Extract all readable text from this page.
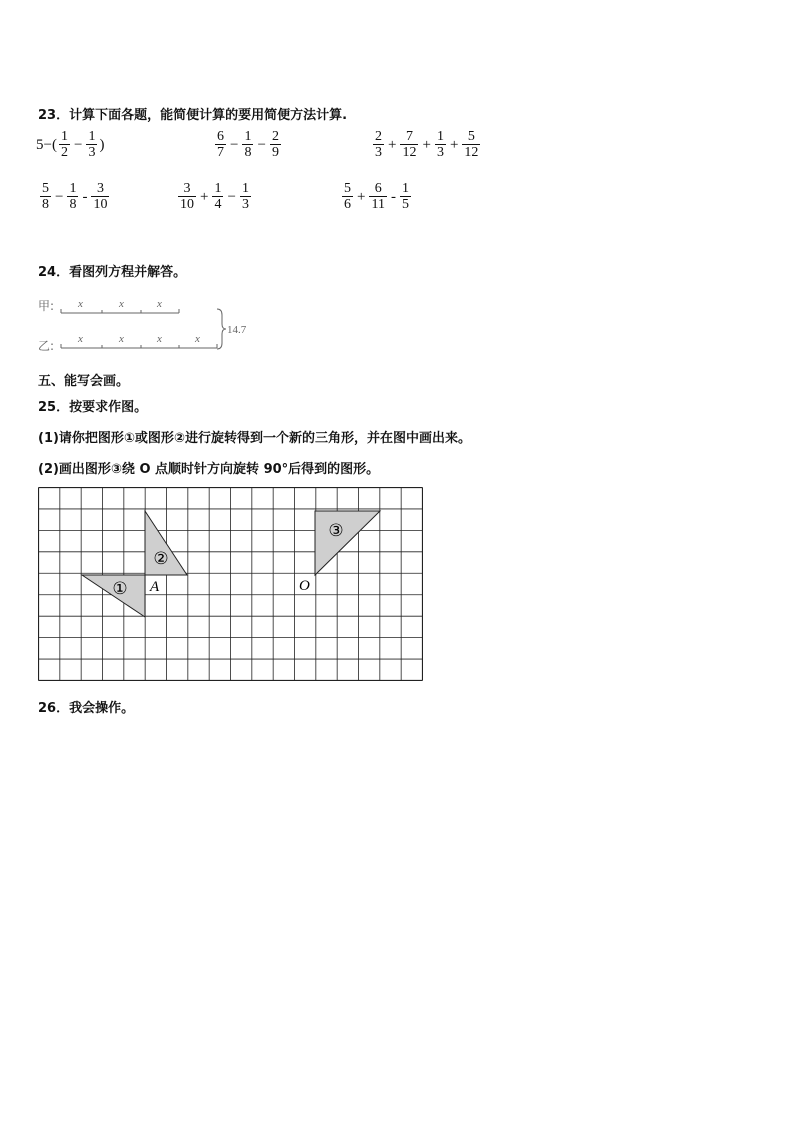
23．计算下面各题，能简便计算的要用简便方法计算.
$5-( \frac{1}{2} - \frac{1}{3}$ )	$\frac{6}{7} - \frac{1}{8} - \frac{2}{9}$	$\frac{2}{3} + \frac{7}{12} + \frac{1}{3} + \frac{5}{12}$
$\frac{5}{8} - \frac{1}{8} - \frac{3}{10}$	$\frac{3}{10} + \frac{1}{4} - \frac{1}{3}$	$\frac{5}{6} + \frac{6}{11} - \frac{1}{5}$
24．看图列方程并解答。
甲:
乙:
x	x	x
x	x	x	x
14.7
五、能写会画。
25．按要求作图。
(1)请你把图形①或图形②进行旋转得到一个新的三角形，并在图中画出来。
(2)画出图形③绕 O 点顺时针方向旋转 90°后得到的图形。
①
②
③
A	O
26．我会操作。
